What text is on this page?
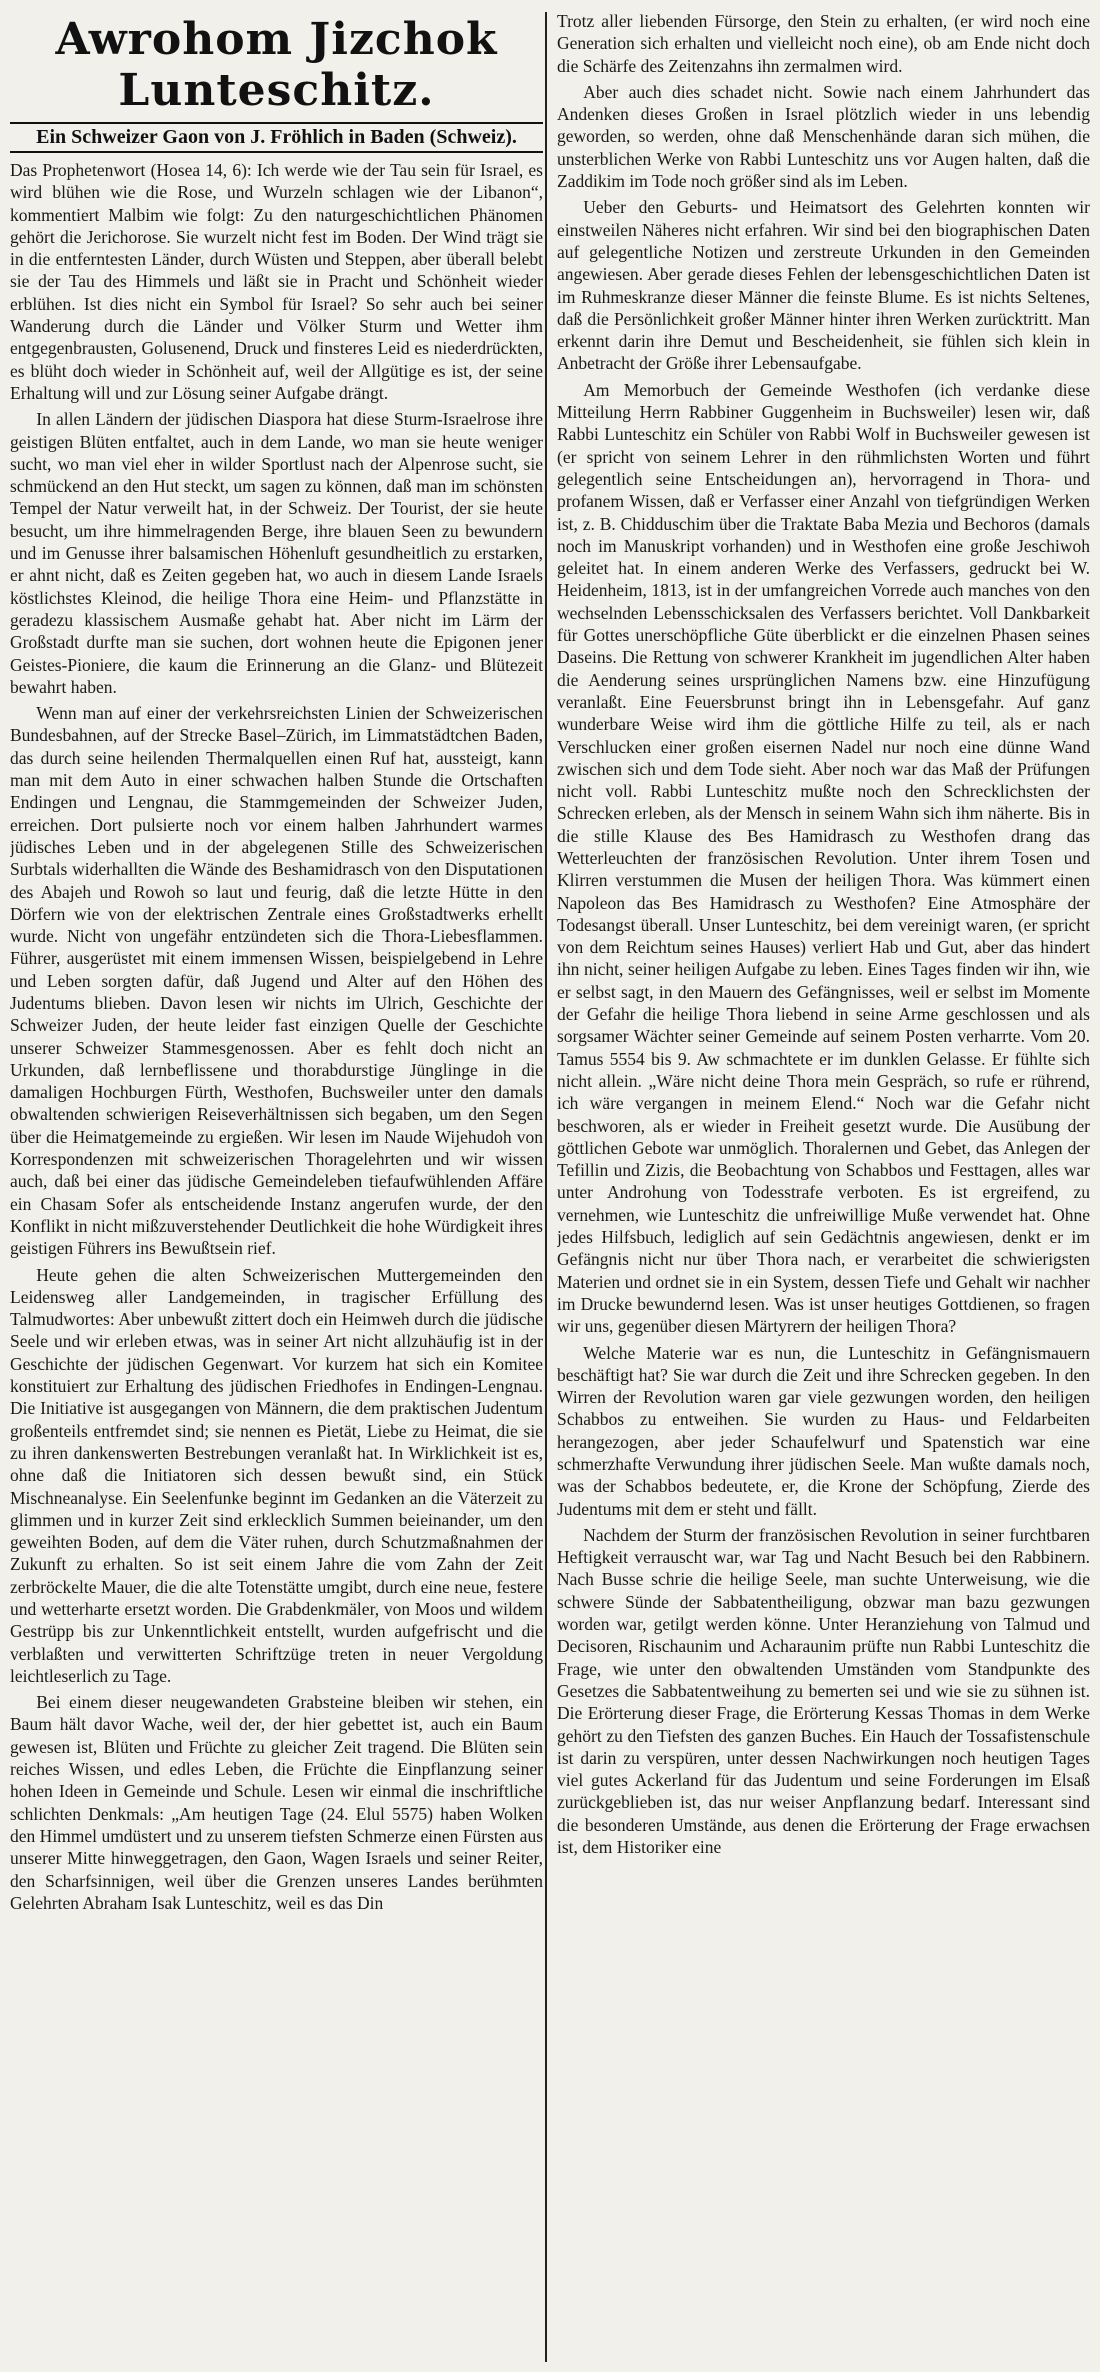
Awrohom Jizchok Lunteschitz.
Ein Schweizer Gaon von J. Fröhlich in Baden (Schweiz).

Das Prophetenwort (Hosea 14, 6): Ich werde wie der Tau sein für Israel, es wird blühen wie die Rose, und Wurzeln schlagen wie der Libanon“, kommentiert Malbim wie folgt: Zu den naturgeschichtlichen Phänomen gehört die Jerichorose. Sie wurzelt nicht fest im Boden. Der Wind trägt sie in die entferntesten Länder, durch Wüsten und Steppen, aber überall belebt sie der Tau des Himmels und läßt sie in Pracht und Schönheit wieder erblühen. Ist dies nicht ein Symbol für Israel? So sehr auch bei seiner Wanderung durch die Länder und Völker Sturm und Wetter ihm entgegenbrausten, Golusenend, Druck und finsteres Leid es niederdrückten, es blüht doch wieder in Schönheit auf, weil der Allgütige es ist, der seine Erhaltung will und zur Lösung seiner Aufgabe drängt.

In allen Ländern der jüdischen Diaspora hat diese Sturm-Israelrose ihre geistigen Blüten entfaltet, auch in dem Lande, wo man sie heute weniger sucht, wo man viel eher in wilder Sportlust nach der Alpenrose sucht, sie schmückend an den Hut steckt, um sagen zu können, daß man im schönsten Tempel der Natur verweilt hat, in der Schweiz. Der Tourist, der sie heute besucht, um ihre himmelragenden Berge, ihre blauen Seen zu bewundern und im Genusse ihrer balsamischen Höhenluft gesundheitlich zu erstarken, er ahnt nicht, daß es Zeiten gegeben hat, wo auch in diesem Lande Israels köstlichstes Kleinod, die heilige Thora eine Heim- und Pflanzstätte in geradezu klassischem Ausmaße gehabt hat. Aber nicht im Lärm der Großstadt durfte man sie suchen, dort wohnen heute die Epigonen jener Geistes-Pioniere, die kaum die Erinnerung an die Glanz- und Blütezeit bewahrt haben.

Wenn man auf einer der verkehrsreichsten Linien der Schweizerischen Bundesbahnen, auf der Strecke Basel–Zürich, im Limmatstädtchen Baden, das durch seine heilenden Thermalquellen einen Ruf hat, aussteigt, kann man mit dem Auto in einer schwachen halben Stunde die Ortschaften Endingen und Lengnau, die Stammgemeinden der Schweizer Juden, erreichen. Dort pulsierte noch vor einem halben Jahrhundert warmes jüdisches Leben und in der abgelegenen Stille des Schweizerischen Surbtals widerhallten die Wände des Beshamidrasch von den Disputationen des Abajeh und Rowoh so laut und feurig, daß die letzte Hütte in den Dörfern wie von der elektrischen Zentrale eines Großstadtwerks erhellt wurde. Nicht von ungefähr entzündeten sich die Thora-Liebesflammen. Führer, ausgerüstet mit einem immensen Wissen, beispielgebend in Lehre und Leben sorgten dafür, daß Jugend und Alter auf den Höhen des Judentums blieben. Davon lesen wir nichts im Ulrich, Geschichte der Schweizer Juden, der heute leider fast einzigen Quelle der Geschichte unserer Schweizer Stammesgenossen. Aber es fehlt doch nicht an Urkunden, daß lernbeflissene und thorabdurstige Jünglinge in die damaligen Hochburgen Fürth, Westhofen, Buchsweiler unter den damals obwaltenden schwierigen Reiseverhältnissen sich begaben, um den Segen über die Heimatgemeinde zu ergießen. Wir lesen im Naude Wijehudoh von Korrespondenzen mit schweizerischen Thoragelehrten und wir wissen auch, daß bei einer das jüdische Gemeindeleben tiefaufwühlenden Affäre ein Chasam Sofer als entscheidende Instanz angerufen wurde, der den Konflikt in nicht mißzuverstehender Deutlichkeit die hohe Würdigkeit ihres geistigen Führers ins Bewußtsein rief.

Heute gehen die alten Schweizerischen Muttergemeinden den Leidensweg aller Landgemeinden, in tragischer Erfüllung des Talmudwortes: Aber unbewußt zittert doch ein Heimweh durch die jüdische Seele und wir erleben etwas, was in seiner Art nicht allzuhäufig ist in der Geschichte der jüdischen Gegenwart. Vor kurzem hat sich ein Komitee konstituiert zur Erhaltung des jüdischen Friedhofes in Endingen-Lengnau. Die Initiative ist ausgegangen von Männern, die dem praktischen Judentum großenteils entfremdet sind; sie nennen es Pietät, Liebe zu Heimat, die sie zu ihren dankenswerten Bestrebungen veranlaßt hat. In Wirklichkeit ist es, ohne daß die Initiatoren sich dessen bewußt sind, ein Stück Mischneanalyse. Ein Seelenfunke beginnt im Gedanken an die Väterzeit zu glimmen und in kurzer Zeit sind erklecklich Summen beieinander, um den geweihten Boden, auf dem die Väter ruhen, durch Schutzmaßnahmen der Zukunft zu erhalten. So ist seit einem Jahre die vom Zahn der Zeit zerbröckelte Mauer, die die alte Totenstätte umgibt, durch eine neue, festere und wetterharte ersetzt worden. Die Grabdenkmäler, von Moos und wildem Gestrüpp bis zur Unkenntlichkeit entstellt, wurden aufgefrischt und die verblaßten und verwitterten Schriftzüge treten in neuer Vergoldung leichtleserlich zu Tage.

Bei einem dieser neugewandeten Grabsteine bleiben wir stehen, ein Baum hält davor Wache, weil der, der hier gebettet ist, auch ein Baum gewesen ist, Blüten und Früchte zu gleicher Zeit tragend. Die Blüten sein reiches Wissen, und edles Leben, die Früchte die Einpflanzung seiner hohen Ideen in Gemeinde und Schule. Lesen wir einmal die inschriftliche schlichten Denkmals: „Am heutigen Tage (24. Elul 5575) haben Wolken den Himmel umdüstert und zu unserem tiefsten Schmerze einen Fürsten aus unserer Mitte hinweggetragen, den Gaon, Wagen Israels und seiner Reiter, den Scharfsinnigen, weil über die Grenzen unseres Landes berühmten Gelehrten Abraham Isak Lunteschitz, weil es das Din

Trotz aller liebenden Fürsorge, den Stein zu erhalten, (er wird noch eine Generation sich erhalten und vielleicht noch eine), ob am Ende nicht doch die Schärfe des Zeitenzahns ihn zermalmen wird.

Aber auch dies schadet nicht. Sowie nach einem Jahrhundert das Andenken dieses Großen in Israel plötzlich wieder in uns lebendig geworden, so werden, ohne daß Menschenhände daran sich mühen, die unsterblichen Werke von Rabbi Lunteschitz uns vor Augen halten, daß die Zaddikim im Tode noch größer sind als im Leben.

Ueber den Geburts- und Heimatsort des Gelehrten konnten wir einstweilen Näheres nicht erfahren. Wir sind bei den biographischen Daten auf gelegentliche Notizen und zerstreute Urkunden in den Gemeinden angewiesen. Aber gerade dieses Fehlen der lebensgeschichtlichen Daten ist im Ruhmeskranze dieser Männer die feinste Blume. Es ist nichts Seltenes, daß die Persönlichkeit großer Männer hinter ihren Werken zurücktritt. Man erkennt darin ihre Demut und Bescheidenheit, sie fühlen sich klein in Anbetracht der Größe ihrer Lebensaufgabe.

Am Memorbuch der Gemeinde Westhofen (ich verdanke diese Mitteilung Herrn Rabbiner Guggenheim in Buchsweiler) lesen wir, daß Rabbi Lunteschitz ein Schüler von Rabbi Wolf in Buchsweiler gewesen ist (er spricht von seinem Lehrer in den rühmlichsten Worten und führt gelegentlich seine Entscheidungen an), hervorragend in Thora- und profanem Wissen, daß er Verfasser einer Anzahl von tiefgründigen Werken ist, z. B. Chidduschim über die Traktate Baba Mezia und Bechoros (damals noch im Manuskript vorhanden) und in Westhofen eine große Jeschiwoh geleitet hat. In einem anderen Werke des Verfassers, gedruckt bei W. Heidenheim, 1813, ist in der umfangreichen Vorrede auch manches von den wechselnden Lebensschicksalen des Verfassers berichtet. Voll Dankbarkeit für Gottes unerschöpfliche Güte überblickt er die einzelnen Phasen seines Daseins. Die Rettung von schwerer Krankheit im jugendlichen Alter haben die Aenderung seines ursprünglichen Namens bzw. eine Hinzufügung veranlaßt. Eine Feuersbrunst bringt ihn in Lebensgefahr. Auf ganz wunderbare Weise wird ihm die göttliche Hilfe zu teil, als er nach Verschlucken einer großen eisernen Nadel nur noch eine dünne Wand zwischen sich und dem Tode sieht. Aber noch war das Maß der Prüfungen nicht voll. Rabbi Lunteschitz mußte noch den Schrecklichsten der Schrecken erleben, als der Mensch in seinem Wahn sich ihm näherte. Bis in die stille Klause des Bes Hamidrasch zu Westhofen drang das Wetterleuchten der französischen Revolution. Unter ihrem Tosen und Klirren verstummen die Musen der heiligen Thora. Was kümmert einen Napoleon das Bes Hamidrasch zu Westhofen? Eine Atmosphäre der Todesangst überall. Unser Lunteschitz, bei dem vereinigt waren, (er spricht von dem Reichtum seines Hauses) verliert Hab und Gut, aber das hindert ihn nicht, seiner heiligen Aufgabe zu leben. Eines Tages finden wir ihn, wie er selbst sagt, in den Mauern des Gefängnisses, weil er selbst im Momente der Gefahr die heilige Thora liebend in seine Arme geschlossen und als sorgsamer Wächter seiner Gemeinde auf seinem Posten verharrte. Vom 20. Tamus 5554 bis 9. Aw schmachtete er im dunklen Gelasse. Er fühlte sich nicht allein. „Wäre nicht deine Thora mein Gespräch, so rufe er rührend, ich wäre vergangen in meinem Elend.“ Noch war die Gefahr nicht beschworen, als er wieder in Freiheit gesetzt wurde. Die Ausübung der göttlichen Gebote war unmöglich. Thoralernen und Gebet, das Anlegen der Tefillin und Zizis, die Beobachtung von Schabbos und Festtagen, alles war unter Androhung von Todesstrafe verboten. Es ist ergreifend, zu vernehmen, wie Lunteschitz die unfreiwillige Muße verwendet hat. Ohne jedes Hilfsbuch, lediglich auf sein Gedächtnis angewiesen, denkt er im Gefängnis nicht nur über Thora nach, er verarbeitet die schwierigsten Materien und ordnet sie in ein System, dessen Tiefe und Gehalt wir nachher im Drucke bewundernd lesen. Was ist unser heutiges Gottdienen, so fragen wir uns, gegenüber diesen Märtyrern der heiligen Thora?

Welche Materie war es nun, die Lunteschitz in Gefängnismauern beschäftigt hat? Sie war durch die Zeit und ihre Schrecken gegeben. In den Wirren der Revolution waren gar viele gezwungen worden, den heiligen Schabbos zu entweihen. Sie wurden zu Haus- und Feldarbeiten herangezogen, aber jeder Schaufelwurf und Spatenstich war eine schmerzhafte Verwundung ihrer jüdischen Seele. Man wußte damals noch, was der Schabbos bedeutete, er, die Krone der Schöpfung, Zierde des Judentums mit dem er steht und fällt.

Nachdem der Sturm der französischen Revolution in seiner furchtbaren Heftigkeit verrauscht war, war Tag und Nacht Besuch bei den Rabbinern. Nach Busse schrie die heilige Seele, man suchte Unterweisung, wie die schwere Sünde der Sabbatentheiligung, obzwar man bazu gezwungen worden war, getilgt werden könne. Unter Heranziehung von Talmud und Decisoren, Rischaunim und Acharaunim prüfte nun Rabbi Lunteschitz die Frage, wie unter den obwaltenden Umständen vom Standpunkte des Gesetzes die Sabbatentweihung zu bemerten sei und wie sie zu sühnen ist. Die Erörterung dieser Frage, die Erörterung Kessas Thomas in dem Werke gehört zu den Tiefsten des ganzen Buches. Ein Hauch der Tossafistenschule ist darin zu verspüren, unter dessen Nachwirkungen noch heutigen Tages viel gutes Ackerland für das Judentum und seine Forderungen im Elsaß zurückgeblieben ist, das nur weiser Anpflanzung bedarf. Interessant sind die besonderen Umstände, aus denen die Erörterung der Frage erwachsen ist, dem Historiker eine
